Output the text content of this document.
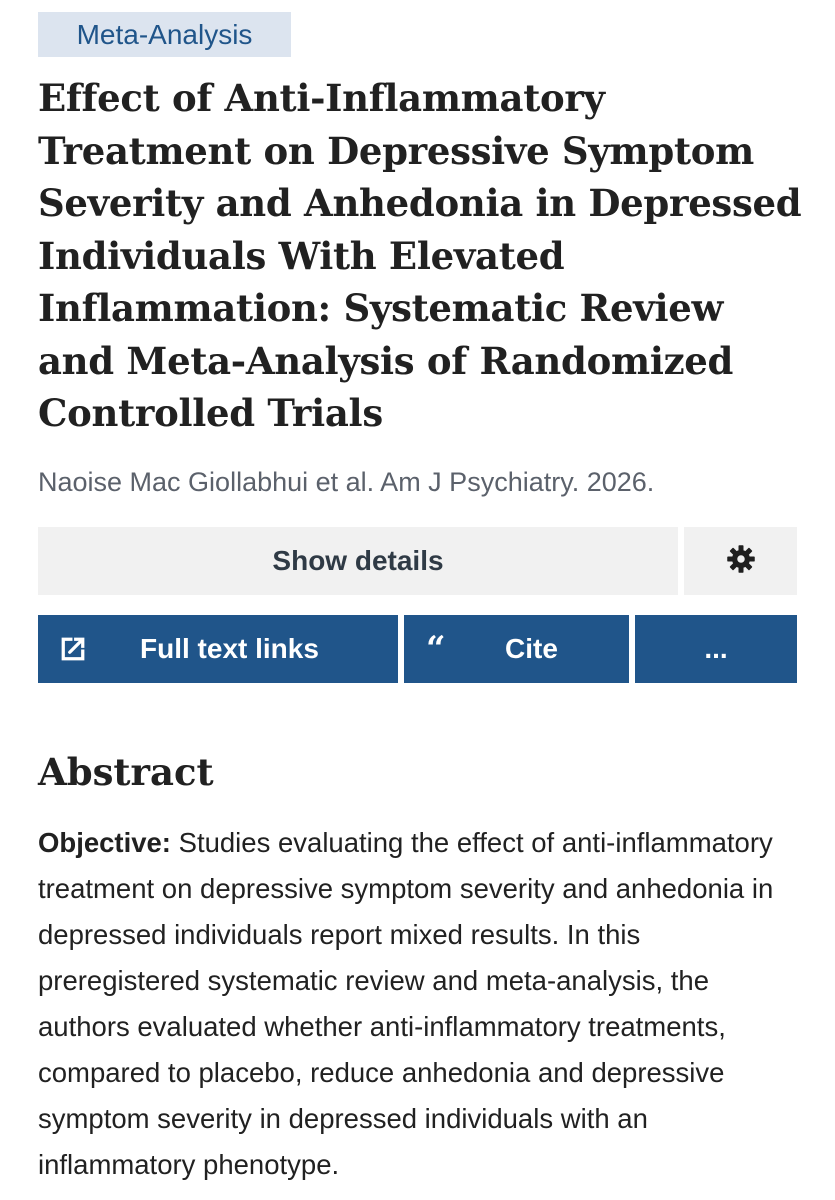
Meta-Analysis
Effect of Anti-Inflammatory Treatment on Depressive Symptom Severity and Anhedonia in Depressed Individuals With Elevated Inflammation: Systematic Review and Meta-Analysis of Randomized Controlled Trials
Naoise Mac Giollabhui et al. Am J Psychiatry. 2026.
Show details
Full text links	“ Cite	...
Abstract

Objective: Studies evaluating the effect of anti-inflammatory treatment on depressive symptom severity and anhedonia in depressed individuals report mixed results. In this preregistered systematic review and meta-analysis, the authors evaluated whether anti-inflammatory treatments, compared to placebo, reduce anhedonia and depressive symptom severity in depressed individuals with an inflammatory phenotype.
